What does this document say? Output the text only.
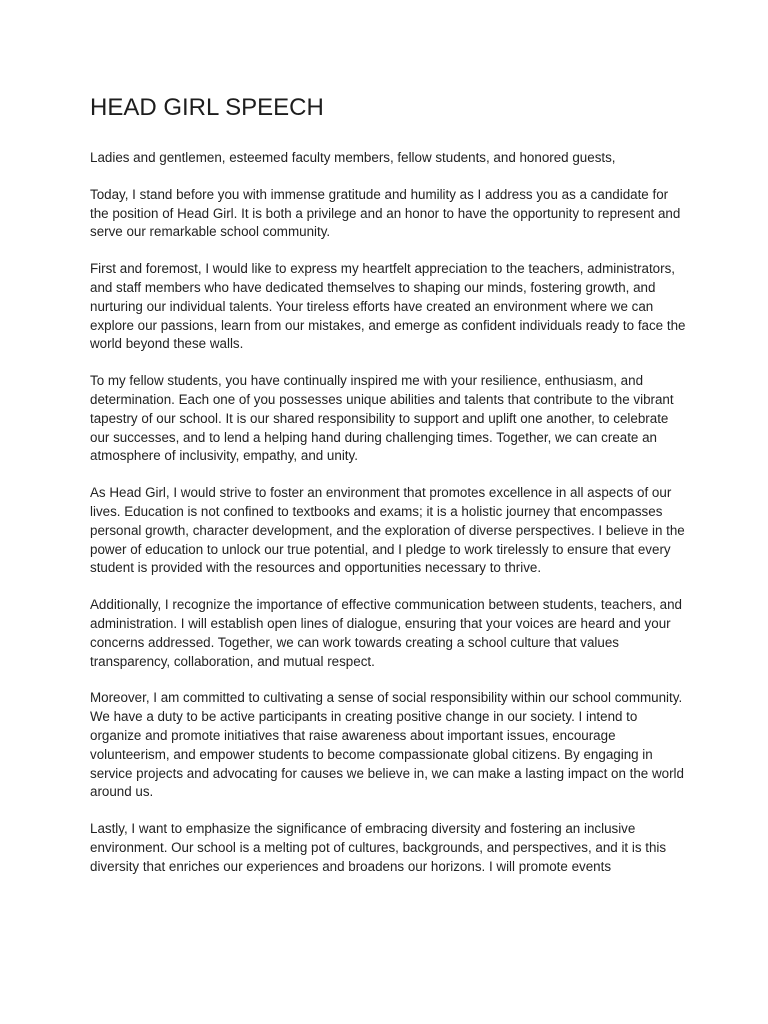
HEAD GIRL SPEECH

Ladies and gentlemen, esteemed faculty members, fellow students, and honored guests,

Today, I stand before you with immense gratitude and humility as I address you as a candidate for the position of Head Girl. It is both a privilege and an honor to have the opportunity to represent and serve our remarkable school community.

First and foremost, I would like to express my heartfelt appreciation to the teachers, administrators, and staff members who have dedicated themselves to shaping our minds, fostering growth, and nurturing our individual talents. Your tireless efforts have created an environment where we can explore our passions, learn from our mistakes, and emerge as confident individuals ready to face the world beyond these walls.

To my fellow students, you have continually inspired me with your resilience, enthusiasm, and determination. Each one of you possesses unique abilities and talents that contribute to the vibrant tapestry of our school. It is our shared responsibility to support and uplift one another, to celebrate our successes, and to lend a helping hand during challenging times. Together, we can create an atmosphere of inclusivity, empathy, and unity.

As Head Girl, I would strive to foster an environment that promotes excellence in all aspects of our lives. Education is not confined to textbooks and exams; it is a holistic journey that encompasses personal growth, character development, and the exploration of diverse perspectives. I believe in the power of education to unlock our true potential, and I pledge to work tirelessly to ensure that every student is provided with the resources and opportunities necessary to thrive.

Additionally, I recognize the importance of effective communication between students, teachers, and administration. I will establish open lines of dialogue, ensuring that your voices are heard and your concerns addressed. Together, we can work towards creating a school culture that values transparency, collaboration, and mutual respect.

Moreover, I am committed to cultivating a sense of social responsibility within our school community. We have a duty to be active participants in creating positive change in our society. I intend to organize and promote initiatives that raise awareness about important issues, encourage volunteerism, and empower students to become compassionate global citizens. By engaging in service projects and advocating for causes we believe in, we can make a lasting impact on the world around us.

Lastly, I want to emphasize the significance of embracing diversity and fostering an inclusive environment. Our school is a melting pot of cultures, backgrounds, and perspectives, and it is this diversity that enriches our experiences and broadens our horizons. I will promote events
